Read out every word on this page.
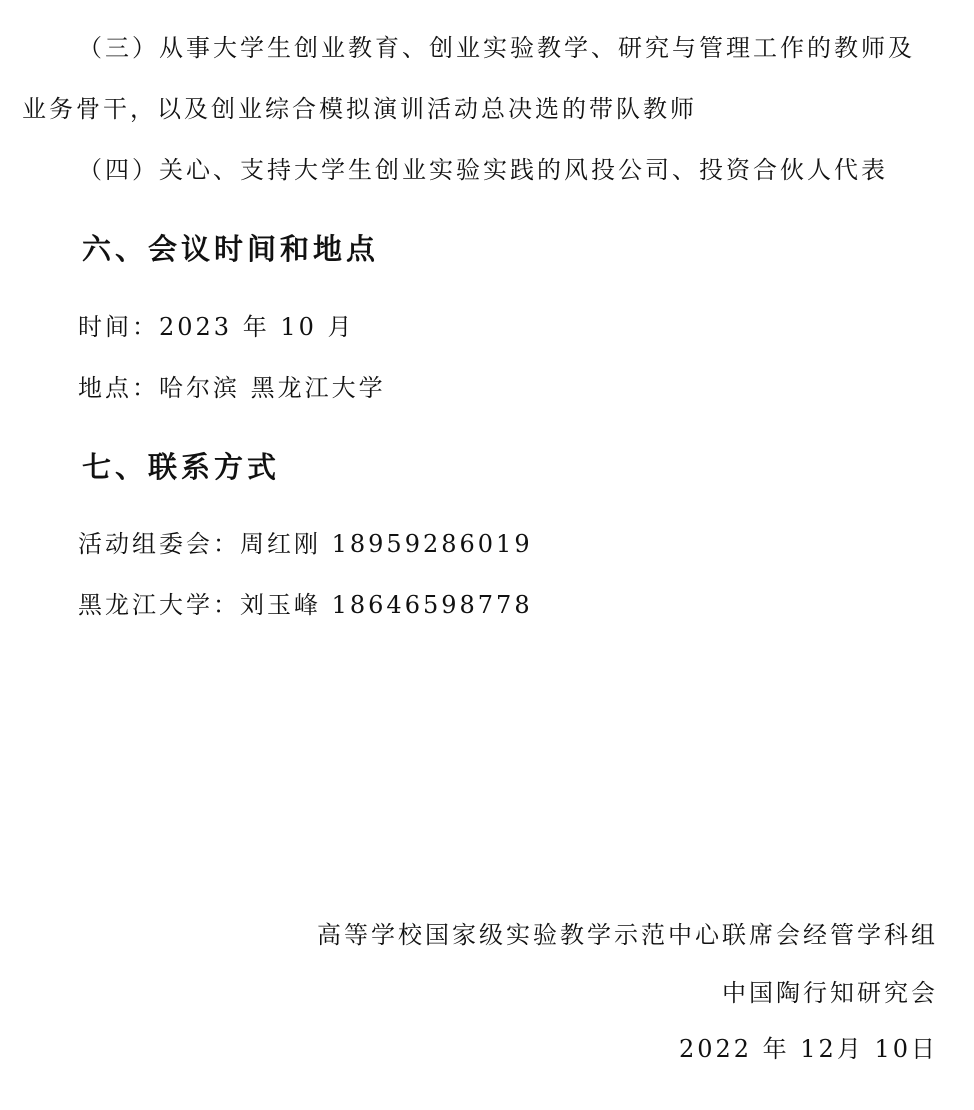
（三）从事大学生创业教育、创业实验教学、研究与管理工作的教师及
业务骨干，以及创业综合模拟演训活动总决选的带队教师
（四）关心、支持大学生创业实验实践的风投公司、投资合伙人代表
六、会议时间和地点
时间：2023 年 10 月
地点：哈尔滨 黑龙江大学
七、联系方式
活动组委会：周红刚 18959286019
黑龙江大学：刘玉峰 18646598778
高等学校国家级实验教学示范中心联席会经管学科组
中国陶行知研究会
2022 年 12月 10日
